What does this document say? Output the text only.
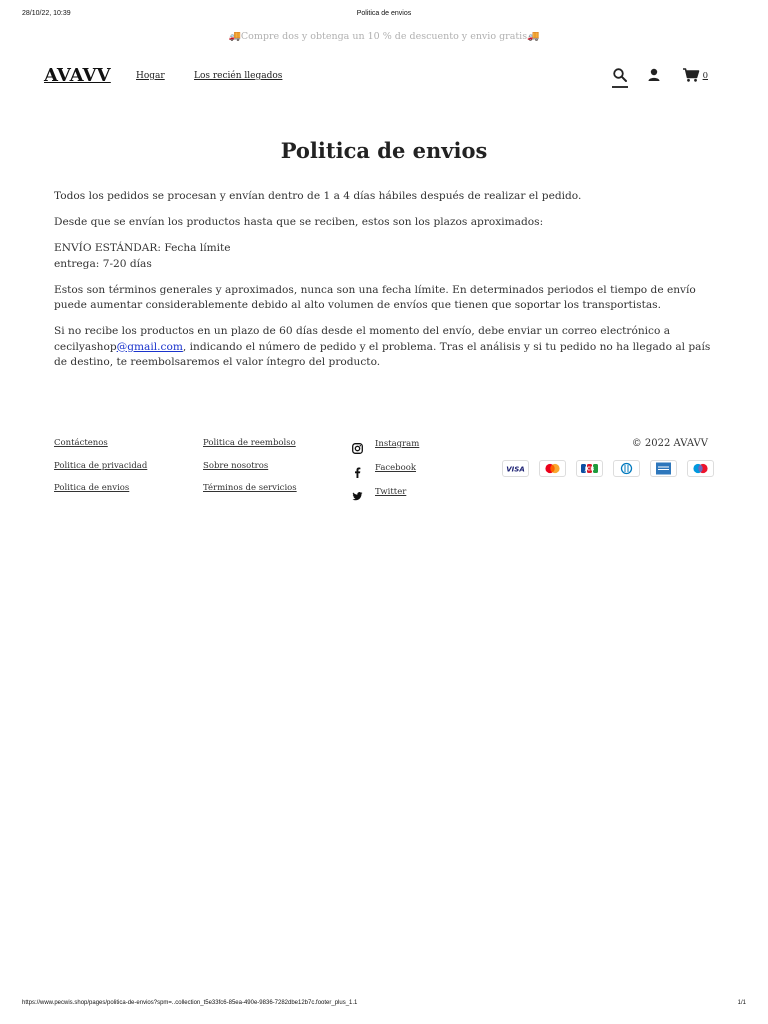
28/10/22, 10:39	Politica de envios
🚚Compre dos y obtenga un 10 % de descuento y envio gratis🚚
AVAVV	Hogar	Los recién llegados	0
Politica de envios

Todos los pedidos se procesan y envían dentro de 1 a 4 días hábiles después de realizar el pedido.

Desde que se envían los productos hasta que se reciben, estos son los plazos aproximados:

ENVÍO ESTÁNDAR: Fecha límite
entrega: 7-20 días

Estos son términos generales y aproximados, nunca son una fecha límite. En determinados periodos el tiempo de envío puede aumentar considerablemente debido al alto volumen de envíos que tienen que soportar los transportistas.

Si no recibe los productos en un plazo de 60 días desde el momento del envío, debe enviar un correo electrónico a cecilyashop@gmail.com, indicando el número de pedido y el problema. Tras el análisis y si tu pedido no ha llegado al país de destino, te reembolsaremos el valor íntegro del producto.

Contáctenos
Politica de privacidad
Politica de envios
Politica de reembolso
Sobre nosotros
Términos de servicios
Instagram
Facebook
Twitter
© 2022 AVAVV
VISA	JCB
https://www.pecwis.shop/pages/politica-de-envios?spm=..collection_t5e33fc6-85ea-490e-9836-7282dbe12b7c.footer_plus_1.1	1/1
